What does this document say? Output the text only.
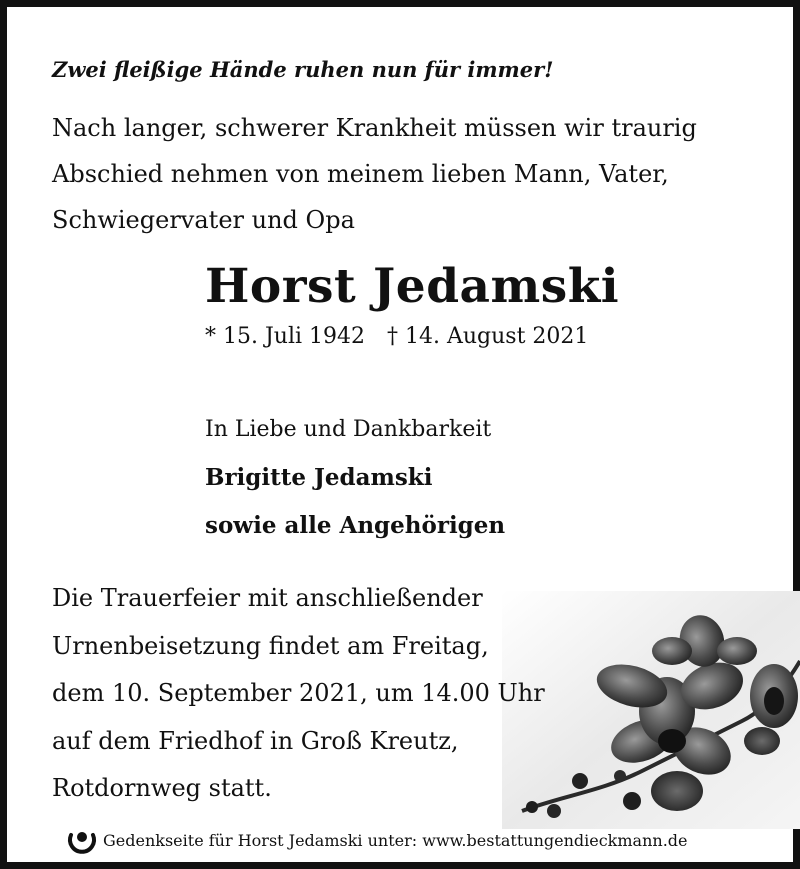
Zwei fleißige Hände ruhen nun für immer!
Nach langer, schwerer Krankheit müssen wir traurig
Abschied nehmen von meinem lieben Mann, Vater,
Schwiegervater und Opa
Horst Jedamski
* 15. Juli 1942 † 14. August 2021
In Liebe und Dankbarkeit
Brigitte Jedamski
sowie alle Angehörigen
Die Trauerfeier mit anschließender
Urnenbeisetzung findet am Freitag,
dem 10. September 2021, um 14.00 Uhr
auf dem Friedhof in Groß Kreutz,
Rotdornweg statt.
Gedenkseite für Horst Jedamski unter: www.bestattungendieckmann.de
